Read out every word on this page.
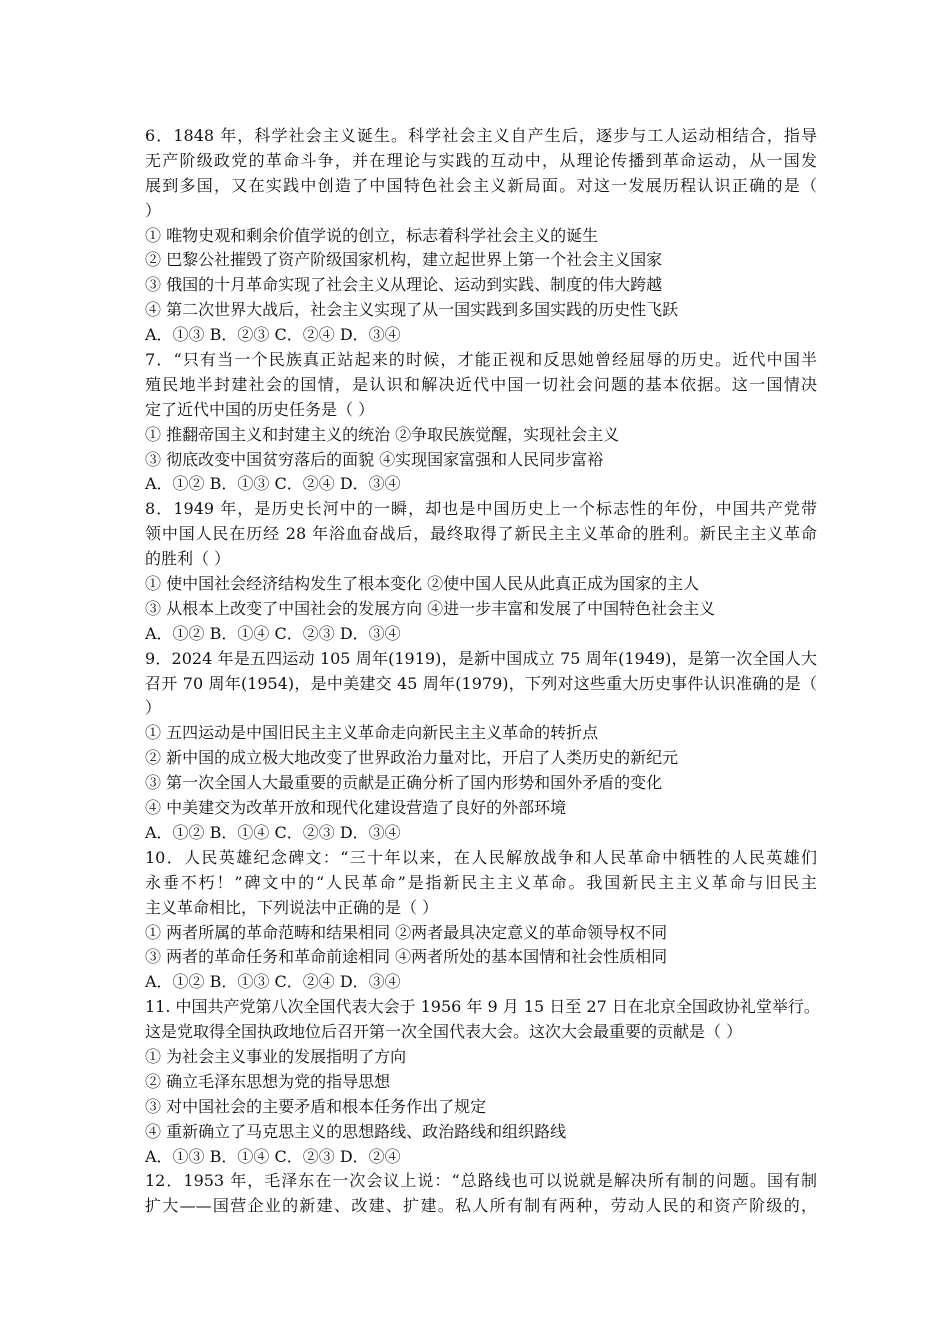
6．1848 年，科学社会主义诞生。科学社会主义自产生后，逐步与工人运动相结合，指导
无产阶级政党的革命斗争，并在理论与实践的互动中，从理论传播到革命运动，从一国发
展到多国，又在实践中创造了中国特色社会主义新局面。对这一发展历程认识正确的是（
）
① 唯物史观和剩余价值学说的创立，标志着科学社会主义的诞生
② 巴黎公社摧毁了资产阶级国家机构，建立起世界上第一个社会主义国家
③ 俄国的十月革命实现了社会主义从理论、运动到实践、制度的伟大跨越
④ 第二次世界大战后，社会主义实现了从一国实践到多国实践的历史性飞跃
A．①③ B．②③ C．②④ D．③④
7．“只有当一个民族真正站起来的时候，才能正视和反思她曾经屈辱的历史。近代中国半
殖民地半封建社会的国情，是认识和解决近代中国一切社会问题的基本依据。这一国情决
定了近代中国的历史任务是（ ）
① 推翻帝国主义和封建主义的统治 ②争取民族觉醒，实现社会主义
③ 彻底改变中国贫穷落后的面貌 ④实现国家富强和人民同步富裕
A．①② B．①③ C．②④ D．③④
8．1949 年，是历史长河中的一瞬，却也是中国历史上一个标志性的年份，中国共产党带
领中国人民在历经 28 年浴血奋战后，最终取得了新民主主义革命的胜利。新民主主义革命
的胜利（ ）
① 使中国社会经济结构发生了根本变化 ②使中国人民从此真正成为国家的主人
③ 从根本上改变了中国社会的发展方向 ④进一步丰富和发展了中国特色社会主义
A．①② B．①④ C．②③ D．③④
9．2024 年是五四运动 105 周年(1919)，是新中国成立 75 周年(1949)，是第一次全国人大
召开 70 周年(1954)，是中美建交 45 周年(1979)，下列对这些重大历史事件认识准确的是（
）
① 五四运动是中国旧民主主义革命走向新民主主义革命的转折点
② 新中国的成立极大地改变了世界政治力量对比，开启了人类历史的新纪元
③ 第一次全国人大最重要的贡献是正确分析了国内形势和国外矛盾的变化
④ 中美建交为改革开放和现代化建设营造了良好的外部环境
A．①② B．①④ C．②③ D．③④
10．人民英雄纪念碑文：“三十年以来，在人民解放战争和人民革命中牺牲的人民英雄们
永垂不朽！”碑文中的“人民革命”是指新民主主义革命。我国新民主主义革命与旧民主
主义革命相比，下列说法中正确的是（ ）
① 两者所属的革命范畴和结果相同 ②两者最具决定意义的革命领导权不同
③ 两者的革命任务和革命前途相同 ④两者所处的基本国情和社会性质相同
A．①② B．①③ C．②④ D．③④
11. 中国共产党第八次全国代表大会于 1956 年 9 月 15 日至 27 日在北京全国政协礼堂举行。
这是党取得全国执政地位后召开第一次全国代表大会。这次大会最重要的贡献是（ ）
① 为社会主义事业的发展指明了方向
② 确立毛泽东思想为党的指导思想
③ 对中国社会的主要矛盾和根本任务作出了规定
④ 重新确立了马克思主义的思想路线、政治路线和组织路线
A．①③ B．①④ C．②③ D．②④
12．1953 年，毛泽东在一次会议上说：“总路线也可以说就是解决所有制的问题。国有制
扩大——国营企业的新建、改建、扩建。私人所有制有两种，劳动人民的和资产阶级的，
